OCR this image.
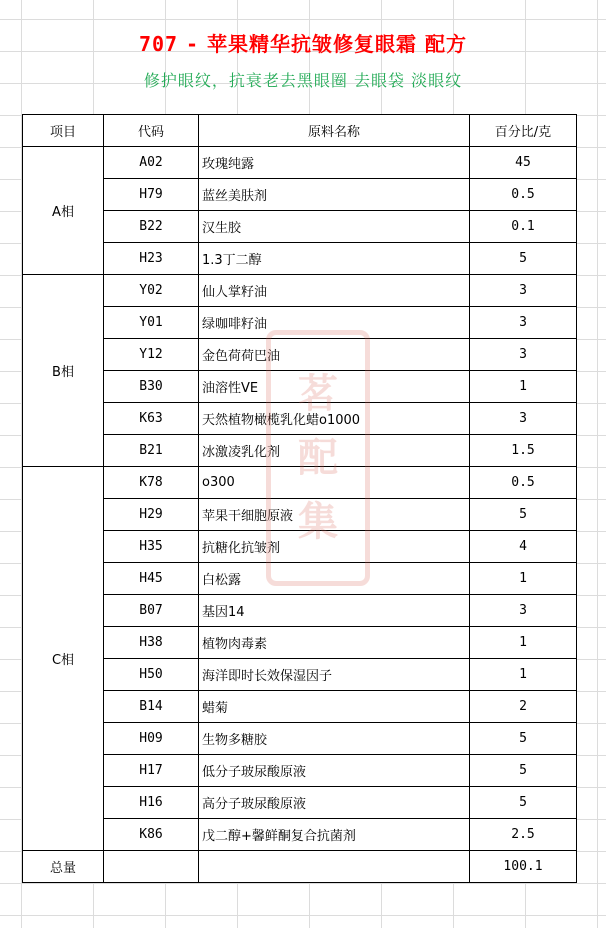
707 - 苹果精华抗皱修复眼霜 配方
修护眼纹，抗衰老去黑眼圈 去眼袋 淡眼纹
项目	代码	原料名称	百分比/克
A相	A02	玫瑰纯露	45
	H79	蓝丝美肤剂	0.5
	B22	汉生胶	0.1
	H23	1.3丁二醇	5
B相	Y02	仙人掌籽油	3
	Y01	绿咖啡籽油	3
	Y12	金色荷荷巴油	3
	B30	油溶性VE	1
	K63	天然植物橄榄乳化蜡o1000	3
	B21	冰激凌乳化剂	1.5
C相	K78	o300	0.5
	H29	苹果干细胞原液	5
	H35	抗糖化抗皱剂	4
	H45	白松露	1
	B07	基因14	3
	H38	植物肉毒素	1
	H50	海洋即时长效保湿因子	1
	B14	蜡菊	2
	H09	生物多糖胶	5
	H17	低分子玻尿酸原液	5
	H16	高分子玻尿酸原液	5
	K86	戊二醇+馨鲜酮复合抗菌剂	2.5
总量			100.1
茗
配
集
